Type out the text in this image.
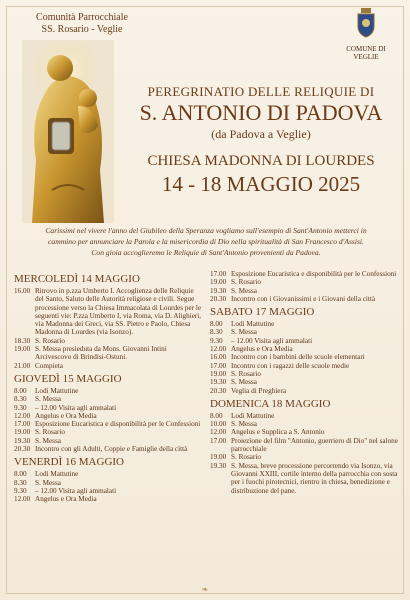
Comunità Parrocchiale
SS. Rosario - Veglie
COMUNE DI
VEGLIE
PEREGRINATIO DELLE RELIQUIE DI
S. ANTONIO DI PADOVA
(da Padova a Veglie)
CHIESA MADONNA DI LOURDES
14 - 18 MAGGIO 2025
Carissimi nel vivere l'anno del Giubileo della Speranza vogliamo sull'esempio di Sant'Antonio metterci in
cammino per annunciare la Parola e la misericordia di Dio nella spiritualità di San Francesco d'Assisi.
Con gioia accoglieremo le Reliquie di Sant'Antonio provenienti da Padova.
MERCOLEDÌ 14 MAGGIO
16.00 Ritrovo in p.zza Umberto I. Accoglienza delle Reliquie del Santo, Saluto delle Autorità religiose e civili. Segue processione verso la Chiesa Immacolata di Lourdes per le seguenti vie: P.zza Umberto I, via Roma, via D. Alighieri, via Madonna dei Greci, via SS. Pietro e Paolo, Chiesa Madonna di Lourdes (via Isonzo).
18.30 S. Rosario
19.00 S. Messa presieduta da Mons. Giovanni Intini Arcivescovo di Brindisi-Ostuni.
21.00 Compieta
GIOVEDÌ 15 MAGGIO
8.00	Lodi Mattutine
8.30	S. Messa
9.30	– 12.00 Visita agli ammalati
12.00 Angelus e Ora Media
17.00 Esposizione Eucaristica e disponibilità per le Confessioni
19.00 S. Rosario
19.30 S. Messa
20.30 Incontro con gli Adulti, Coppie e Famiglie della città
VENERDÌ 16 MAGGIO
8.00	Lodi Mattutine
8.30	S. Messa
9.30	– 12.00 Visita agli ammalati
12.00 Angelus e Ora Media
17.00 Esposizione Eucaristica e disponibilità per le Confessioni
19.00 S. Rosario
19.30 S. Messa
20.30 Incontro con i Giovanissimi e i Giovani della città
SABATO 17 MAGGIO
8.00	Lodi Mattutine
8.30	S. Messa
9.30	– 12.00 Visita agli ammalati
12.00 Angelus e Ora Media
16.00 Incontro con i bambini delle scuole elementari
17.00 Incontro con i ragazzi delle scuole medie
19.00 S. Rosario
19.30 S. Messa
20.30 Veglia di Preghiera
DOMENICA 18 MAGGIO
8.00	Lodi Mattutine
10.00 S. Messa
12.00 Angelus e Supplica a S. Antonio
17.00 Proiezione del film "Antonio, guerriero di Dio" nel salone parrocchiale
19.00 S. Rosario
19.30 S. Messa, breve processione percorrendo via Isonzo, via Giovanni XXIII, cortile interno della parrocchia con sosta per i fuochi pirotecnici, rientro in chiesa, benedizione e distribuzione del pane.
❧
